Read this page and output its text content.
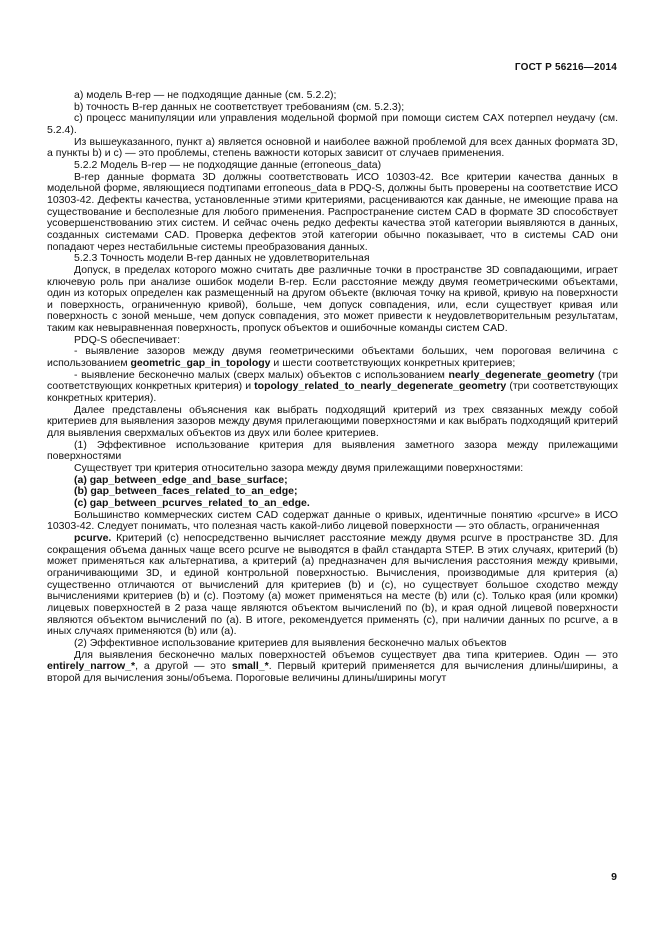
ГОСТ Р 56216—2014

а) модель B-rep — не подходящие данные (см. 5.2.2);

b) точность B-rep данных не соответствует требованиям (см. 5.2.3);

с) процесс манипуляции или управления модельной формой при помощи систем CAX потерпел неудачу (см. 5.2.4).

Из вышеуказанного, пункт а) является основной и наиболее важной проблемой для всех данных формата 3D, а пункты b) и с) — это проблемы, степень важности которых зависит от случаев применения.

5.2.2 Модель B-rep — не подходящие данные (erroneous_data)

B-rep данные формата 3D должны соответствовать ИСО 10303-42. Все критерии качества данных в модельной форме, являющиеся подтипами erroneous_data в PDQ-S, должны быть проверены на соответствие ИСО 10303-42. Дефекты качества, установленные этими критериями, расцениваются как данные, не имеющие права на существование и бесполезные для любого применения. Распространение систем CAD в формате 3D способствует усовершенствованию этих систем. И сейчас очень редко дефекты качества этой категории выявляются в данных, созданных системами CAD. Проверка дефектов этой категории обычно показывает, что в системы CAD они попадают через нестабильные системы преобразования данных.

5.2.3 Точность модели B-rep данных не удовлетворительная

Допуск, в пределах которого можно считать две различные точки в пространстве 3D совпадающими, играет ключевую роль при анализе ошибок модели B-rep. Если расстояние между двумя геометрическими объектами, один из которых определен как размещенный на другом объекте (включая точку на кривой, кривую на поверхности и поверхность, ограниченную кривой), больше, чем допуск совпадения, или, если существует кривая или поверхность с зоной меньше, чем допуск совпадения, это может привести к неудовлетворительным результатам, таким как невыравненная поверхность, пропуск объектов и ошибочные команды систем CAD.

PDQ-S обеспечивает:

- выявление зазоров между двумя геометрическими объектами больших, чем пороговая величина с использованием geometric_gap_in_topology и шести соответствующих конкретных критериев;

- выявление бесконечно малых (сверх малых) объектов с использованием nearly_degenerate_geometry (три соответствующих конкретных критерия) и topology_related_to_nearly_degenerate_geometry (три соответствующих конкретных критерия).

Далее представлены объяснения как выбрать подходящий критерий из трех связанных между собой критериев для выявления зазоров между двумя прилегающими поверхностями и как выбрать подходящий критерий для выявления сверхмалых объектов из двух или более критериев.

(1) Эффективное использование критерия для выявления заметного зазора между прилежащими поверхностями

Существует три критерия относительно зазора между двумя прилежащими поверхностями:

(a) gap_between_edge_and_base_surface;

(b) gap_between_faces_related_to_an_edge;

(c) gap_between_pcurves_related_to_an_edge.

Большинство коммерческих систем CAD содержат данные о кривых, идентичные понятию «pcurve» в ИСО 10303-42. Следует понимать, что полезная часть какой-либо лицевой поверхности — это область, ограниченная

pcurve. Критерий (с) непосредственно вычисляет расстояние между двумя pcurve в пространстве 3D. Для сокращения объема данных чаще всего pcurve не выводятся в файл стандарта STEP. В этих случаях, критерий (b) может применяться как альтернатива, а критерий (а) предназначен для вычисления расстояния между кривыми, ограничивающими 3D, и единой контрольной поверхностью. Вычисления, производимые для критерия (а) существенно отличаются от вычислений для критериев (b) и (с), но существует большое сходство между вычислениями критериев (b) и (с). Поэтому (а) может применяться на месте (b) или (с). Только края (или кромки) лицевых поверхностей в 2 раза чаще являются объектом вычислений по (b), и края одной лицевой поверхности являются объектом вычислений по (а). В итоге, рекомендуется применять (с), при наличии данных по pcurve, а в иных случаях применяются (b) или (а).

(2) Эффективное использование критериев для выявления бесконечно малых объектов

Для выявления бесконечно малых поверхностей объемов существует два типа критериев. Один — это entirely_narrow_*, а другой — это small_*. Первый критерий применяется для вычисления длины/ширины, а второй для вычисления зоны/объема. Пороговые величины длины/ширины могут

9
